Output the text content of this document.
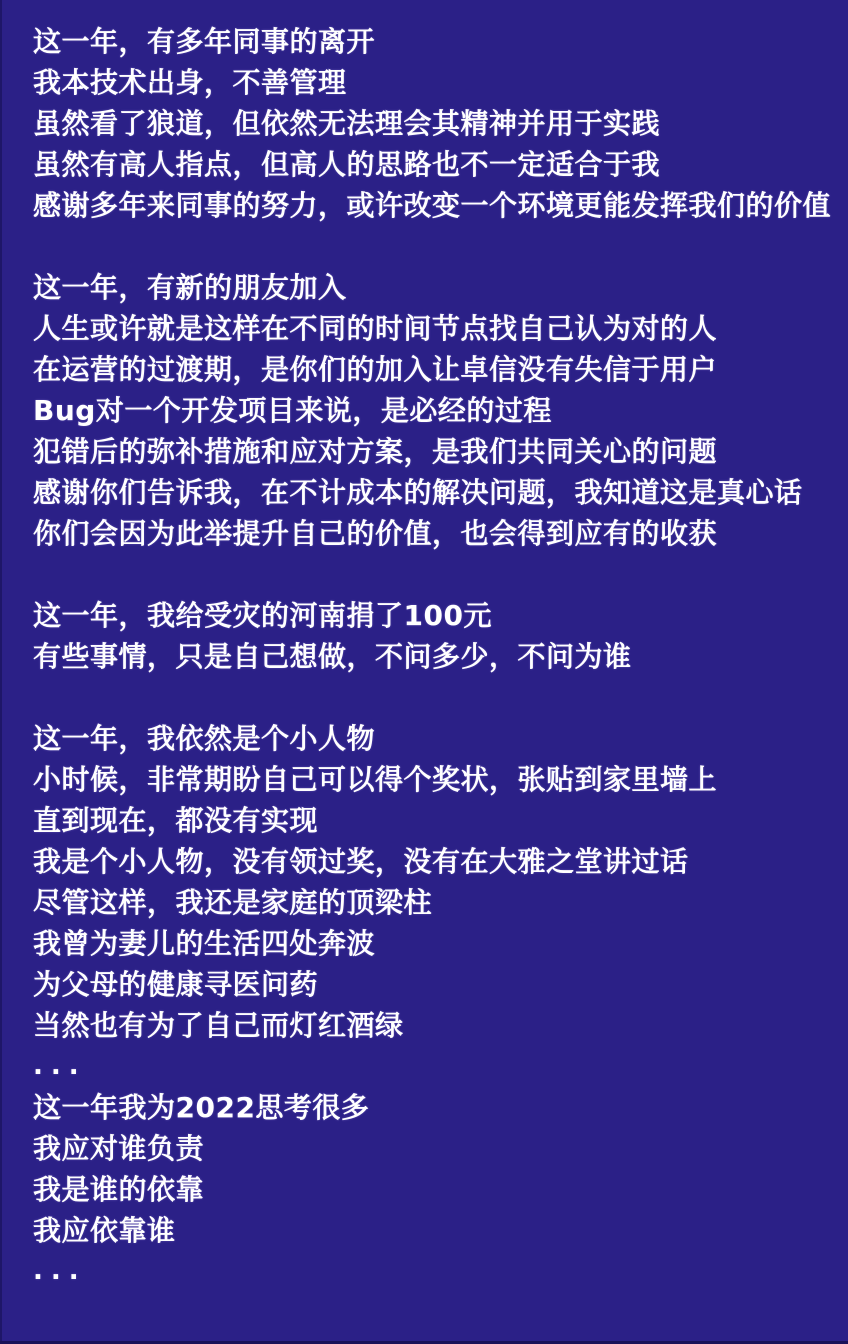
这一年，有多年同事的离开

我本技术出身，不善管理

虽然看了狼道，但依然无法理会其精神并用于实践

虽然有高人指点，但高人的思路也不一定适合于我

感谢多年来同事的努力，或许改变一个环境更能发挥我们的价值

这一年，有新的朋友加入

人生或许就是这样在不同的时间节点找自己认为对的人

在运营的过渡期，是你们的加入让卓信没有失信于用户

Bug对一个开发项目来说，是必经的过程

犯错后的弥补措施和应对方案，是我们共同关心的问题

感谢你们告诉我，在不计成本的解决问题，我知道这是真心话

你们会因为此举提升自己的价值，也会得到应有的收获

这一年，我给受灾的河南捐了100元

有些事情，只是自己想做，不问多少，不问为谁

这一年，我依然是个小人物

小时候，非常期盼自己可以得个奖状，张贴到家里墙上

直到现在，都没有实现

我是个小人物，没有领过奖，没有在大雅之堂讲过话

尽管这样，我还是家庭的顶梁柱

我曾为妻儿的生活四处奔波

为父母的健康寻医问药

当然也有为了自己而灯红酒绿

...

这一年我为2022思考很多

我应对谁负责

我是谁的依靠

我应依靠谁

...
